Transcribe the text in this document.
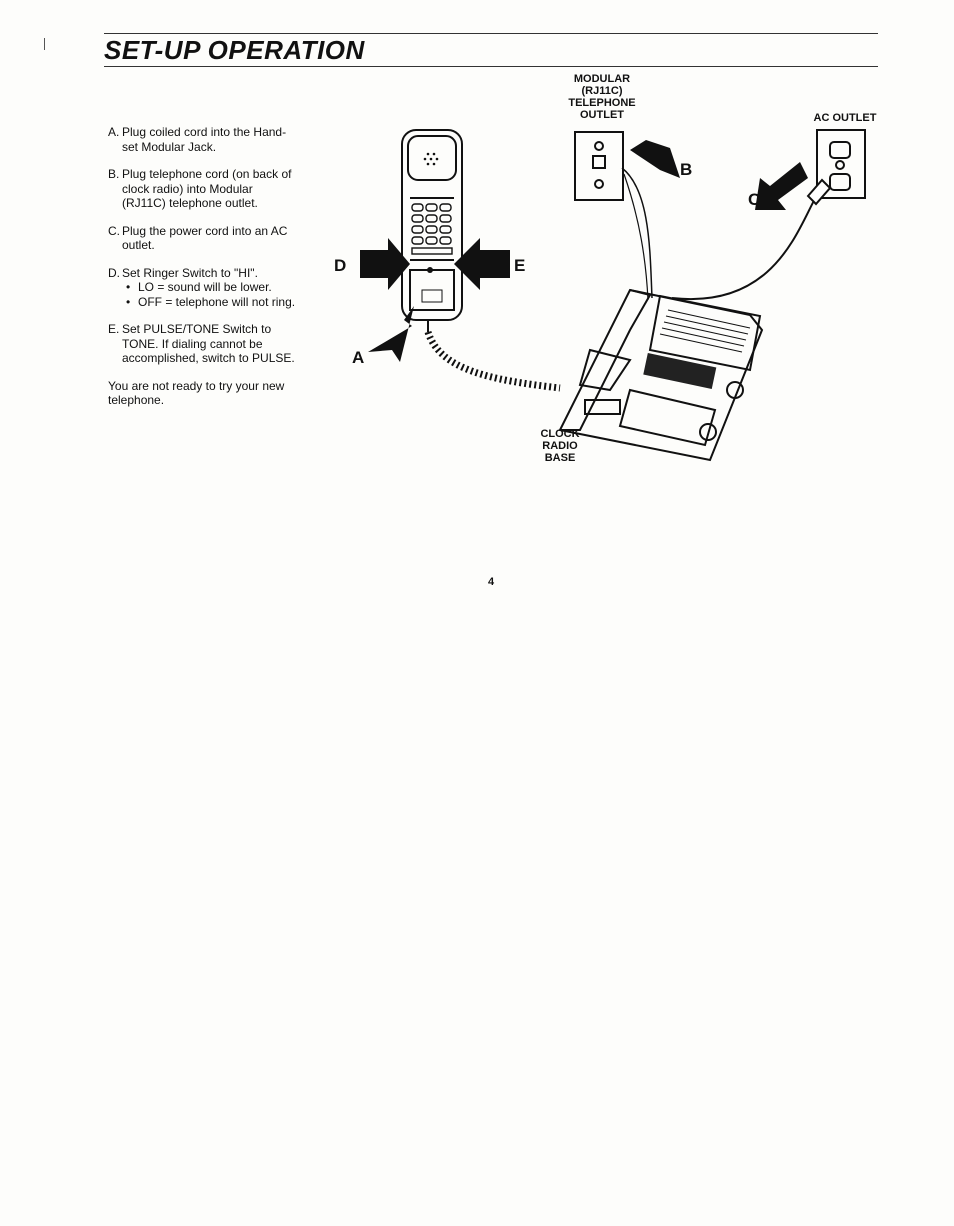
SET-UP OPERATION
A. Plug coiled cord into the Hand-set Modular Jack.
B. Plug telephone cord (on back of clock radio) into Modular (RJ11C) telephone outlet.
C. Plug the power cord into an AC outlet.
D. Set Ringer Switch to "HI".
• LO = sound will be lower.
• OFF = telephone will not ring.
E. Set PULSE/TONE Switch to TONE. If dialing cannot be accomplished, switch to PULSE.
You are not ready to try your new telephone.
MODULAR
(RJ11C)
TELEPHONE
OUTLET	AC OUTLET
CLOCK
RADIO
BASE
B
C
D	E
A
4
